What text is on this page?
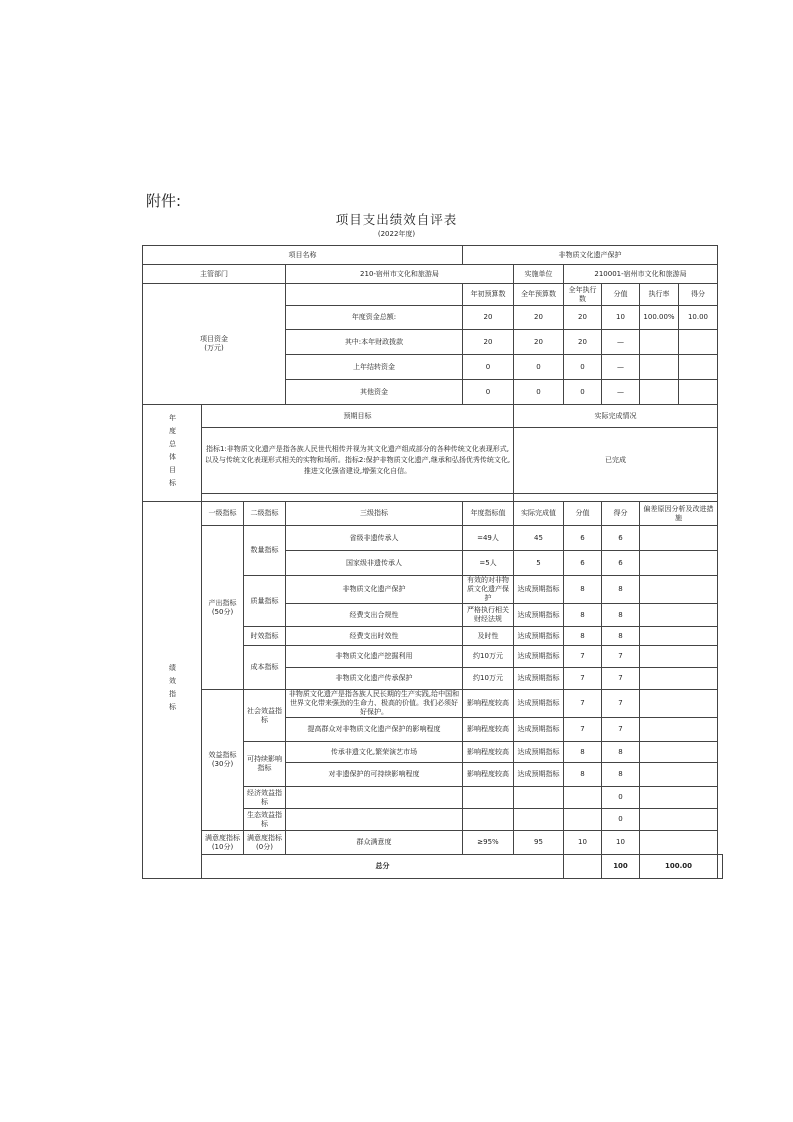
附件:
项目支出绩效自评表
(2022年度)
项目名称				非物质文化遗产保护					
主管部门			210-宿州市文化和旅游局		实施单位	210001-宿州市文化和旅游局			
项目资金
(万元)				年初预算数	全年预算数	全年执行数	分值	执行率 得分	

			年度资金总额:	20	20	20	10	100.00% 10.00	

			其中:本年财政拨款	20	20	20	—		

			上年结转资金	0	0	0	—		

			其他资金	0	0	0	—		

年度总体目标	预期目标				实际完成情况				
	指标1:非物质文化遗产是指各族人民世代相传并视为其文化遗产组成部分的各种传统文化表现形式,以及与传统文化表现形式相关的实物和场所。指标2:保护非物质文化遗产,继承和弘扬优秀传统文化,推进文化强省建设,增强文化自信。				已完成				

绩效指标	一级指标	二级指标	三级指标	年度指标值	实际完成值	分值	得分	偏差原因分析及改进措施	
	产出指标
(50分)	数量指标	省级非遗传承人	=49人	45	6	6		
			国家级非遗传承人	=5人	5	6	6		
		质量指标	非物质文化遗产保护	有效的对非物质文化遗产保护	达成预期指标	8	8		
			经费支出合规性	严格执行相关财经法规	达成预期指标	8	8		
		时效指标	经费支出时效性	及时性	达成预期指标	8	8		
		成本指标	非物质文化遗产挖掘利用	约10万元	达成预期指标	7	7		
			非物质文化遗产传承保护	约10万元	达成预期指标	7	7		
	效益指标
(30分)	社会效益指标	非物质文化遗产是指各族人民长期的生产实践,给中国和世界文化带来强劲的生命力、极高的价值。我们必须好好保护。	影响程度较高	达成预期指标	7	7		
			提高群众对非物质文化遗产保护的影响程度	影响程度较高	达成预期指标	7	7		
		可持续影响指标	传承非遗文化,繁荣演艺市场	影响程度较高	达成预期指标	8	8		
			对非遗保护的可持续影响程度	影响程度较高	达成预期指标	8	8		
		经济效益指标					0		
		生态效益指标					0		
	满意度指标(10分)	满意度指标(0分)	群众满意度	≥95%	95	10	10		
	总分						100	100.00	
